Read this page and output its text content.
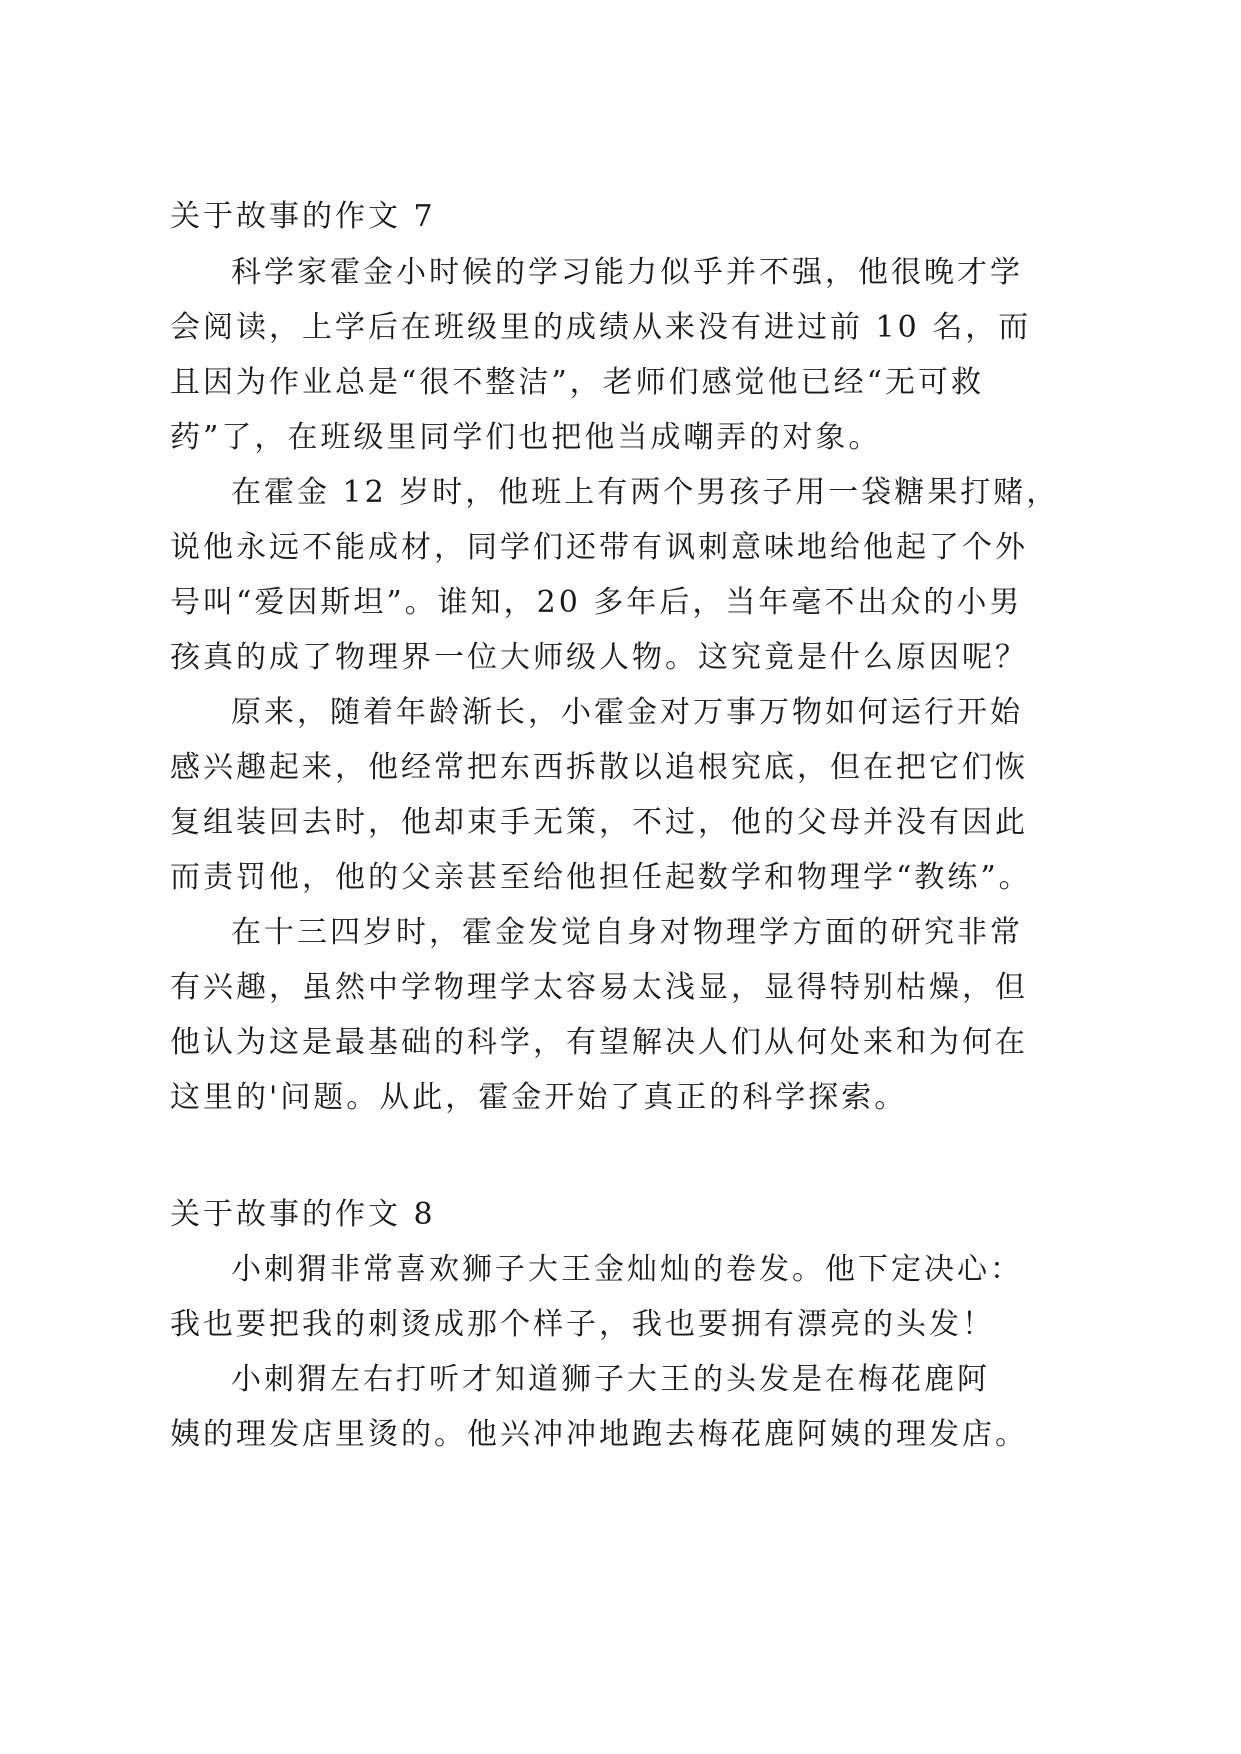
关于故事的作文 7
科学家霍金小时候的学习能力似乎并不强，他很晚才学
会阅读，上学后在班级里的成绩从来没有进过前 10 名，而
且因为作业总是“很不整洁”，老师们感觉他已经“无可救
药”了，在班级里同学们也把他当成嘲弄的对象。
在霍金 12 岁时，他班上有两个男孩子用一袋糖果打赌，
说他永远不能成材，同学们还带有讽刺意味地给他起了个外
号叫“爱因斯坦”。谁知，20 多年后，当年毫不出众的小男
孩真的成了物理界一位大师级人物。这究竟是什么原因呢？
原来，随着年龄渐长，小霍金对万事万物如何运行开始
感兴趣起来，他经常把东西拆散以追根究底，但在把它们恢
复组装回去时，他却束手无策，不过，他的父母并没有因此
而责罚他，他的父亲甚至给他担任起数学和物理学“教练”。
在十三四岁时，霍金发觉自身对物理学方面的研究非常
有兴趣，虽然中学物理学太容易太浅显，显得特别枯燥，但
他认为这是最基础的科学，有望解决人们从何处来和为何在
这里的'问题。从此，霍金开始了真正的科学探索。
关于故事的作文 8
小刺猬非常喜欢狮子大王金灿灿的卷发。他下定决心：
我也要把我的刺烫成那个样子，我也要拥有漂亮的头发！
小刺猬左右打听才知道狮子大王的头发是在梅花鹿阿
姨的理发店里烫的。他兴冲冲地跑去梅花鹿阿姨的理发店。
